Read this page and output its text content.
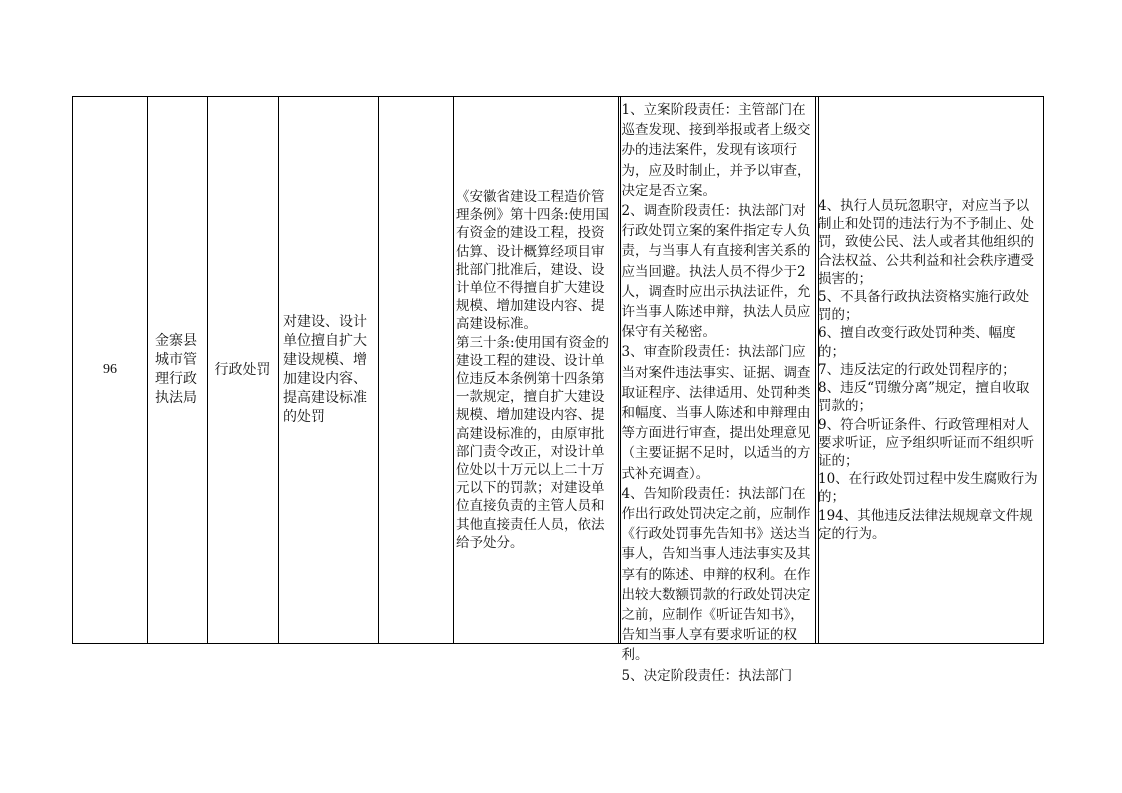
96
金寨县城市管理行政执法局
行政处罚
对建设、设计单位擅自扩大建设规模、增加建设内容、提高建设标准的处罚
《安徽省建设工程造价管理条例》第十四条:使用国有资金的建设工程，投资估算、设计概算经项目审批部门批准后，建设、设计单位不得擅自扩大建设规模、增加建设内容、提高建设标准。
第三十条:使用国有资金的建设工程的建设、设计单位违反本条例第十四条第一款规定，擅自扩大建设规模、增加建设内容、提高建设标准的，由原审批部门责令改正，对设计单位处以十万元以上二十万元以下的罚款；对建设单位直接负责的主管人员和其他直接责任人员，依法给予处分。
1、立案阶段责任：主管部门在巡查发现、接到举报或者上级交办的违法案件，发现有该项行为，应及时制止，并予以审查，决定是否立案。
2、调查阶段责任：执法部门对行政处罚立案的案件指定专人负责，与当事人有直接利害关系的应当回避。执法人员不得少于2人，调查时应出示执法证件，允许当事人陈述申辩，执法人员应保守有关秘密。
3、审查阶段责任：执法部门应当对案件违法事实、证据、调查取证程序、法律适用、处罚种类和幅度、当事人陈述和申辩理由等方面进行审查，提出处理意见（主要证据不足时，以适当的方式补充调查）。
4、告知阶段责任：执法部门在作出行政处罚决定之前，应制作《行政处罚事先告知书》送达当事人，告知当事人违法事实及其享有的陈述、申辩的权利。在作出较大数额罚款的行政处罚决定之前，应制作《听证告知书》，告知当事人享有要求听证的权利。
5、决定阶段责任：执法部门
4、执行人员玩忽职守，对应当予以制止和处罚的违法行为不予制止、处罚，致使公民、法人或者其他组织的合法权益、公共利益和社会秩序遭受损害的；
5、不具备行政执法资格实施行政处罚的；
6、擅自改变行政处罚种类、幅度的；
7、违反法定的行政处罚程序的；
8、违反“罚缴分离”规定，擅自收取罚款的；
9、符合听证条件、行政管理相对人要求听证，应予组织听证而不组织听证的；
10、在行政处罚过程中发生腐败行为的；
194、其他违反法律法规规章文件规定的行为。
